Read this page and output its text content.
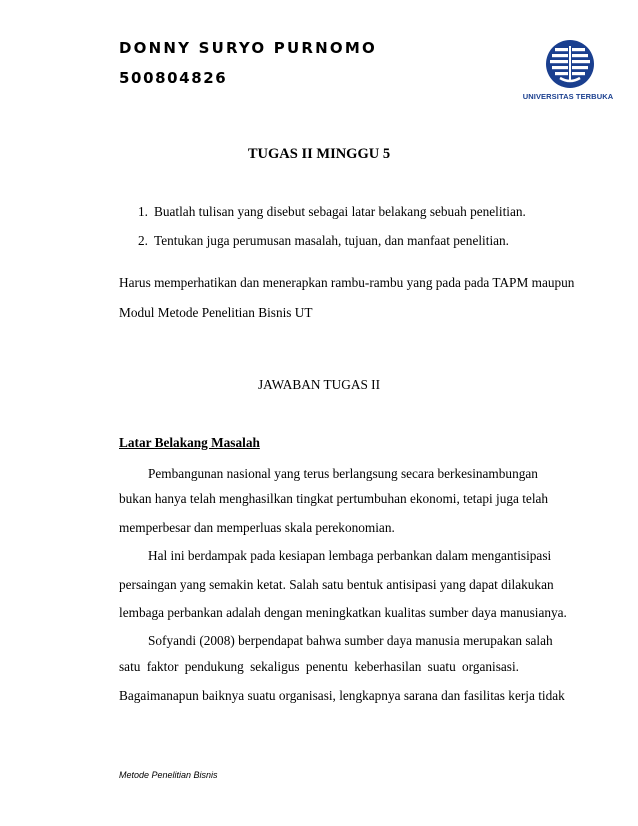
DONNY SURYO PURNOMO
500804826
UNIVERSITAS TERBUKA
TUGAS II MINGGU 5
1. Buatlah tulisan yang disebut sebagai latar belakang sebuah penelitian.
2. Tentukan juga perumusan masalah, tujuan, dan manfaat penelitian.
Harus memperhatikan dan menerapkan rambu-rambu yang pada pada TAPM maupun
Modul Metode Penelitian Bisnis UT
JAWABAN TUGAS II
Latar Belakang Masalah
Pembangunan nasional yang terus berlangsung secara berkesinambungan
bukan hanya telah menghasilkan tingkat pertumbuhan ekonomi, tetapi juga telah
memperbesar dan memperluas skala perekonomian.
Hal ini berdampak pada kesiapan lembaga perbankan dalam mengantisipasi
persaingan yang semakin ketat. Salah satu bentuk antisipasi yang dapat dilakukan
lembaga perbankan adalah dengan meningkatkan kualitas sumber daya manusianya.
Sofyandi (2008) berpendapat bahwa sumber daya manusia merupakan salah
satu faktor pendukung sekaligus penentu keberhasilan suatu organisasi.
Bagaimanapun baiknya suatu organisasi, lengkapnya sarana dan fasilitas kerja tidak
Metode Penelitian Bisnis
